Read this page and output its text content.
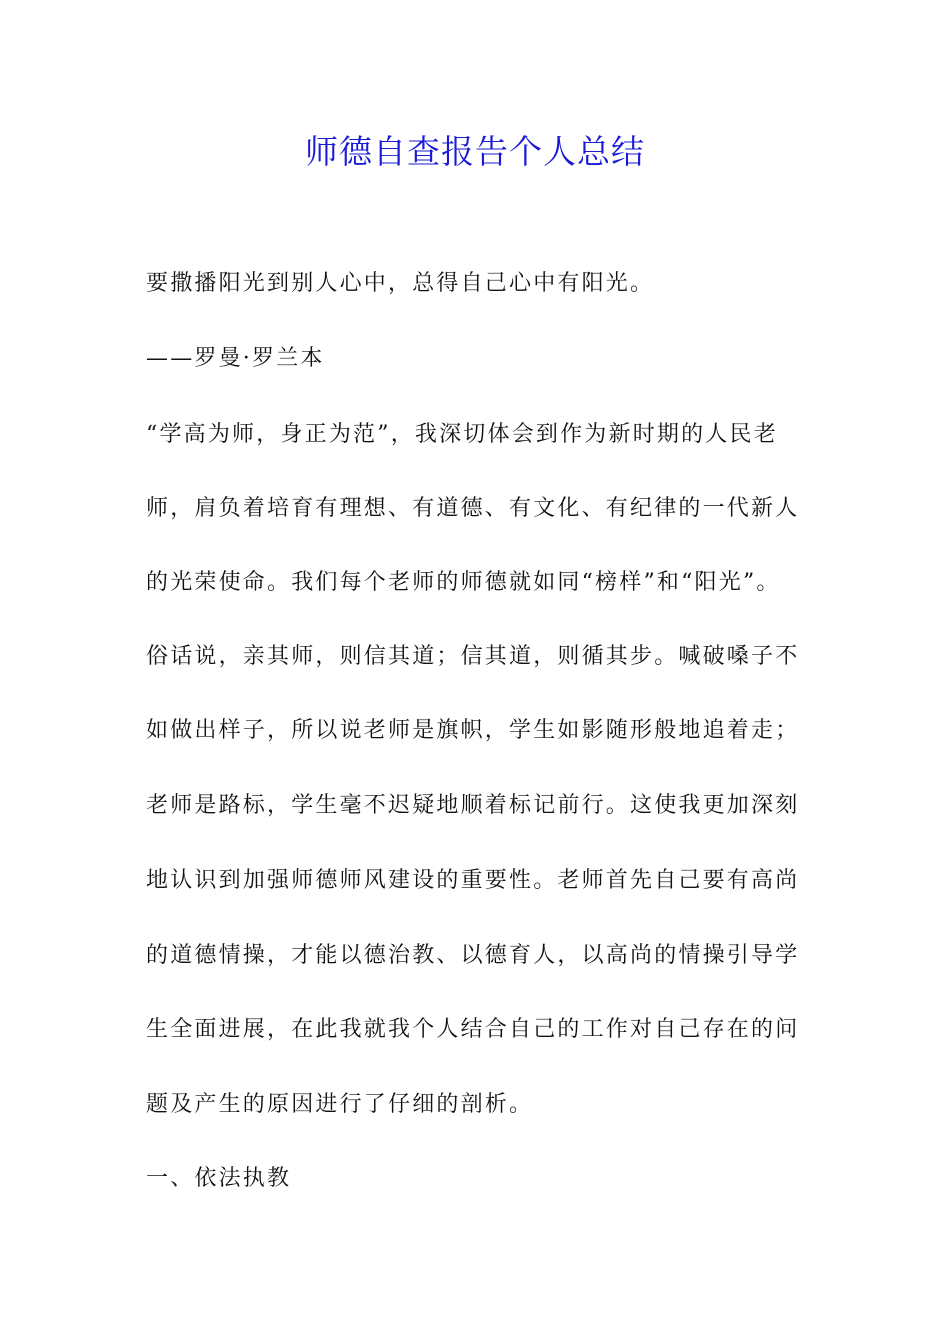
师德自查报告个人总结

要撒播阳光到别人心中，总得自己心中有阳光。

——罗曼·罗兰本

“学高为师，身正为范”，我深切体会到作为新时期的人民老

师，肩负着培育有理想、有道德、有文化、有纪律的一代新人

的光荣使命。我们每个老师的师德就如同“榜样”和“阳光”。

俗话说，亲其师，则信其道；信其道，则循其步。喊破嗓子不

如做出样子，所以说老师是旗帜，学生如影随形般地追着走；

老师是路标，学生毫不迟疑地顺着标记前行。这使我更加深刻

地认识到加强师德师风建设的重要性。老师首先自己要有高尚

的道德情操，才能以德治教、以德育人，以高尚的情操引导学

生全面进展，在此我就我个人结合自己的工作对自己存在的问

题及产生的原因进行了仔细的剖析。

一、依法执教
